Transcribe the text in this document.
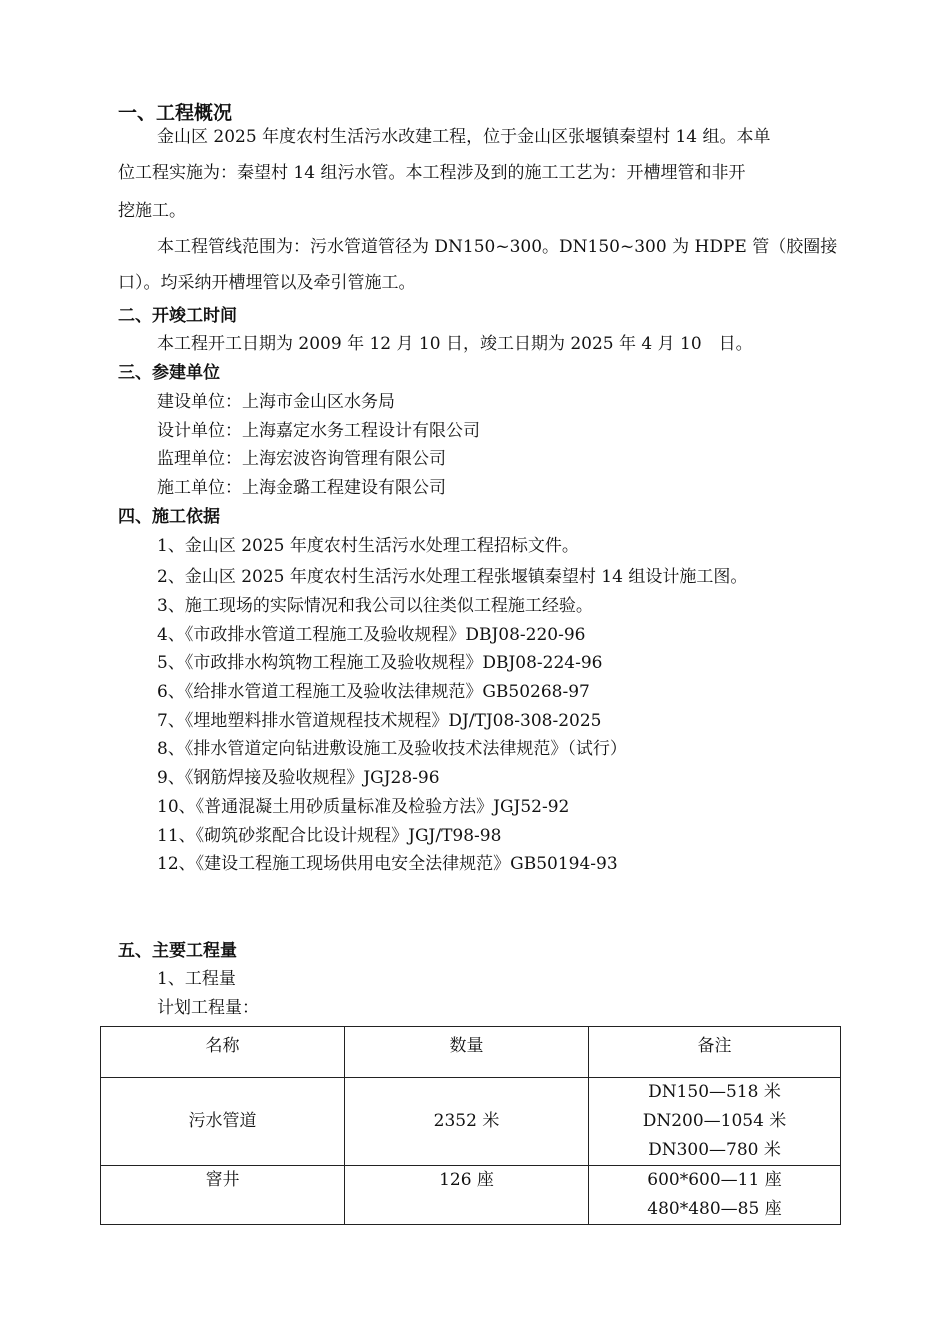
一、工程概况
金山区 2025 年度农村生活污水改建工程，位于金山区张堰镇秦望村 14 组。本单
位工程实施为：秦望村 14 组污水管。本工程涉及到的施工工艺为：开槽埋管和非开
挖施工。
本工程管线范围为：污水管道管径为 DN150~300。DN150~300 为 HDPE 管（胶圈接
口）。均采纳开槽埋管以及牵引管施工。
二、开竣工时间
本工程开工日期为 2009 年 12 月 10 日，竣工日期为 2025 年 4 月 10　日。
三、参建单位
建设单位：上海市金山区水务局
设计单位：上海嘉定水务工程设计有限公司
监理单位：上海宏波咨询管理有限公司
施工单位：上海金璐工程建设有限公司
四、施工依据
1、金山区 2025 年度农村生活污水处理工程招标文件。
2、金山区 2025 年度农村生活污水处理工程张堰镇秦望村 14 组设计施工图。
3、施工现场的实际情况和我公司以往类似工程施工经验。
4、《市政排水管道工程施工及验收规程》DBJ08-220-96
5、《市政排水构筑物工程施工及验收规程》DBJ08-224-96
6、《给排水管道工程施工及验收法律规范》GB50268-97
7、《埋地塑料排水管道规程技术规程》DJ/TJ08-308-2025
8、《排水管道定向钻进敷设施工及验收技术法律规范》（试行）
9、《钢筋焊接及验收规程》JGJ28-96
10、《普通混凝土用砂质量标准及检验方法》JGJ52-92
11、《砌筑砂浆配合比设计规程》JGJ/T98-98
12、《建设工程施工现场供用电安全法律规范》GB50194-93
五、主要工程量
1、工程量
计划工程量：
名称	数量	备注
污水管道	2352 米	DN150—518 米
DN200—1054 米
DN300—780 米

窨井	126 座	600*600—11 座
480*480—85 座
